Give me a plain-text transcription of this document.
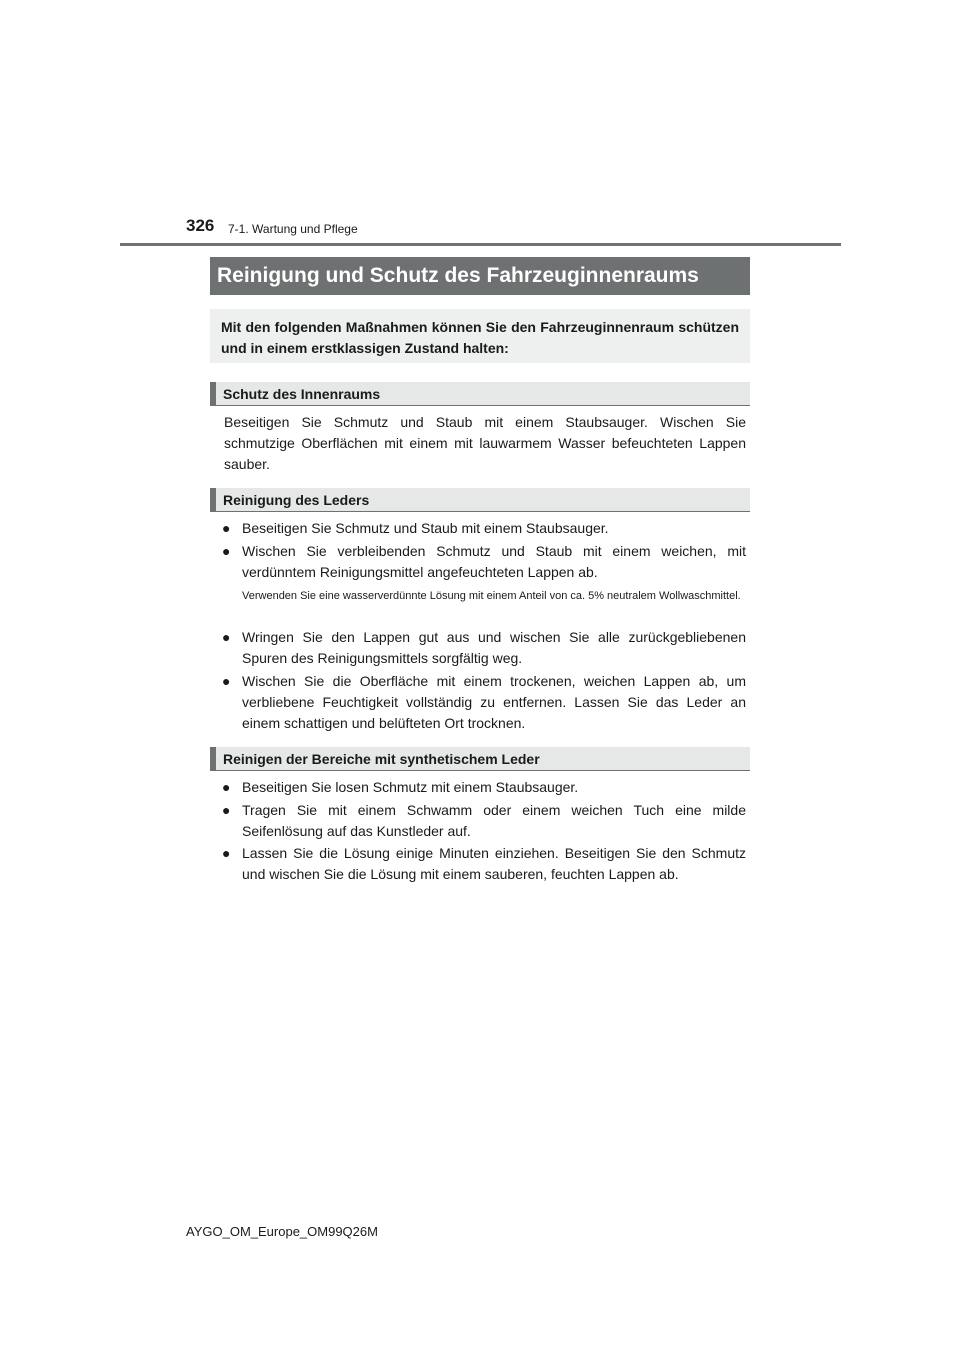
326 7-1. Wartung und Pflege
Reinigung und Schutz des Fahrzeuginnenraums
Mit den folgenden Maßnahmen können Sie den Fahrzeuginnenraum schützen und in einem erstklassigen Zustand halten:
Schutz des Innenraums
Beseitigen Sie Schmutz und Staub mit einem Staubsauger. Wischen Sie schmutzige Oberflächen mit einem mit lauwarmem Wasser befeuchteten Lappen sauber.
Reinigung des Leders
● Beseitigen Sie Schmutz und Staub mit einem Staubsauger.
● Wischen Sie verbleibenden Schmutz und Staub mit einem weichen, mit verdünntem Reinigungsmittel angefeuchteten Lappen ab.
Verwenden Sie eine wasserverdünnte Lösung mit einem Anteil von ca. 5% neutralem Wollwaschmittel.
● Wringen Sie den Lappen gut aus und wischen Sie alle zurückgebliebenen Spuren des Reinigungsmittels sorgfältig weg.
● Wischen Sie die Oberfläche mit einem trockenen, weichen Lappen ab, um verbliebene Feuchtigkeit vollständig zu entfernen. Lassen Sie das Leder an einem schattigen und belüfteten Ort trocknen.
Reinigen der Bereiche mit synthetischem Leder
● Beseitigen Sie losen Schmutz mit einem Staubsauger.
● Tragen Sie mit einem Schwamm oder einem weichen Tuch eine milde Seifenlösung auf das Kunstleder auf.
● Lassen Sie die Lösung einige Minuten einziehen. Beseitigen Sie den Schmutz und wischen Sie die Lösung mit einem sauberen, feuchten Lappen ab.
AYGO_OM_Europe_OM99Q26M
